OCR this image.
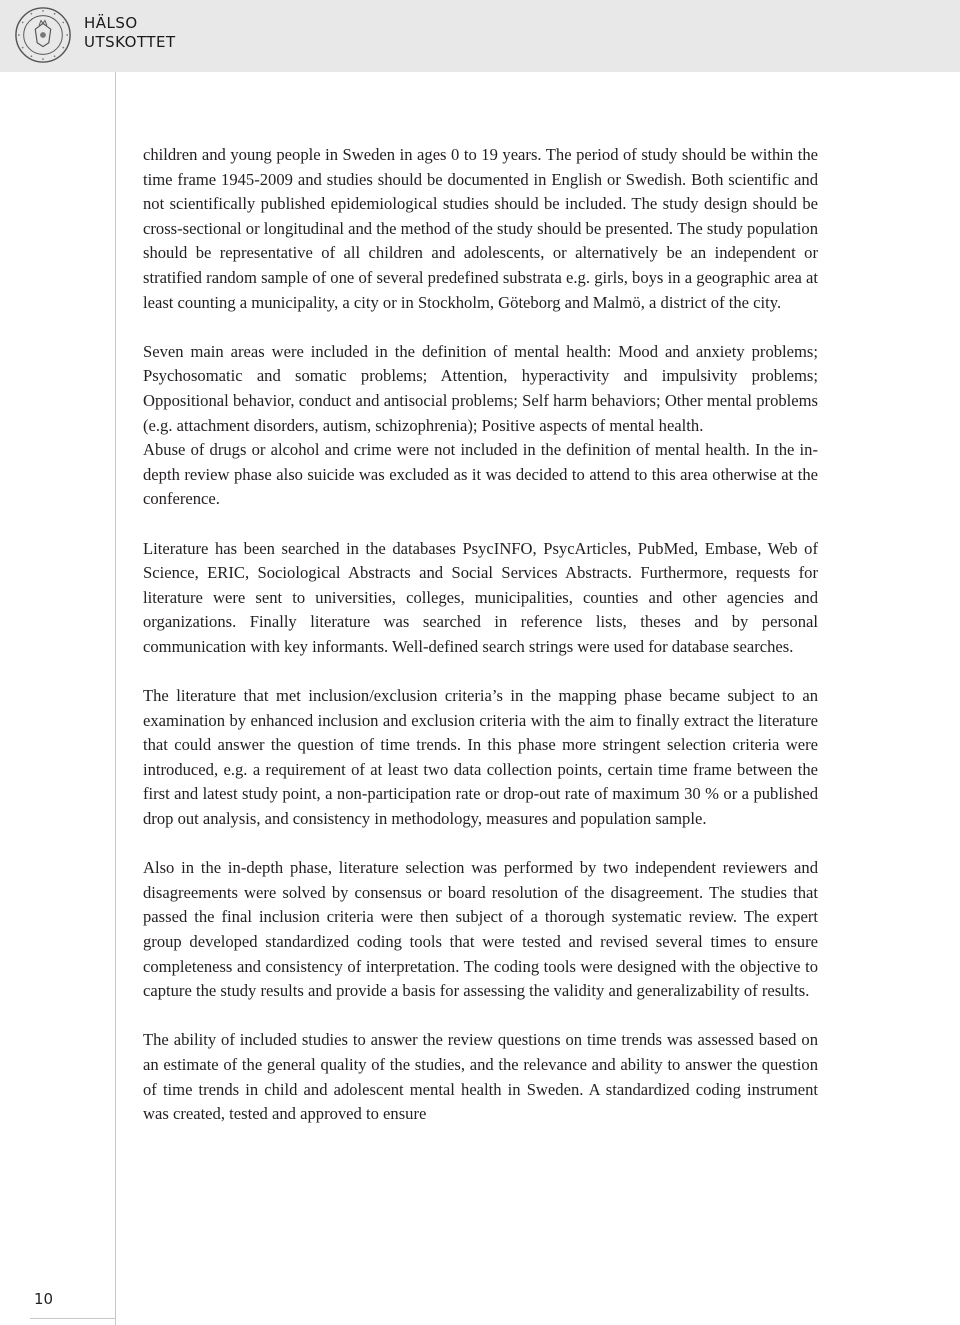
HÄLSO
UTSKOTTET

children and young people in Sweden in ages 0 to 19 years. The period of study should be within the time frame 1945-2009 and studies should be documented in English or Swedish. Both scientific and not scientifically published epidemiological studies should be included. The study design should be cross-sectional or longitudinal and the method of the study should be presented. The study population should be representative of all children and adolescents, or alternatively be an independent or stratified random sample of one of several predefined substrata e.g. girls, boys in a geographic area at least counting a municipality, a city or in Stockholm, Göteborg and Malmö, a district of the city.

Seven main areas were included in the definition of mental health: Mood and anxiety problems; Psychosomatic and somatic problems; Attention, hyperactivity and impulsivity problems; Oppositional behavior, conduct and antisocial problems; Self harm behaviors; Other mental problems (e.g. attachment disorders, autism, schizophrenia); Positive aspects of mental health.

Abuse of drugs or alcohol and crime were not included in the definition of mental health. In the in-depth review phase also suicide was excluded as it was decided to attend to this area otherwise at the conference.

Literature has been searched in the databases PsycINFO, PsycArticles, PubMed, Embase, Web of Science, ERIC, Sociological Abstracts and Social Services Abstracts. Furthermore, requests for literature were sent to universities, colleges, municipalities, counties and other agencies and organizations. Finally literature was searched in reference lists, theses and by personal communication with key informants. Well-defined search strings were used for database searches.

The literature that met inclusion/exclusion criteria’s in the mapping phase became subject to an examination by enhanced inclusion and exclusion criteria with the aim to finally extract the literature that could answer the question of time trends. In this phase more stringent selection criteria were introduced, e.g. a requirement of at least two data collection points, certain time frame between the first and latest study point, a non-participation rate or drop-out rate of maximum 30 % or a published drop out analysis, and consistency in methodology, measures and population sample.

Also in the in-depth phase, literature selection was performed by two independent reviewers and disagreements were solved by consensus or board resolution of the disagreement. The studies that passed the final inclusion criteria were then subject of a thorough systematic review. The expert group developed standardized coding tools that were tested and revised several times to ensure completeness and consistency of interpretation. The coding tools were designed with the objective to capture the study results and provide a basis for assessing the validity and generalizability of results.

The ability of included studies to answer the review questions on time trends was assessed based on an estimate of the general quality of the studies, and the relevance and ability to answer the question of time trends in child and adolescent mental health in Sweden. A standardized coding instrument was created, tested and approved to ensure

10
